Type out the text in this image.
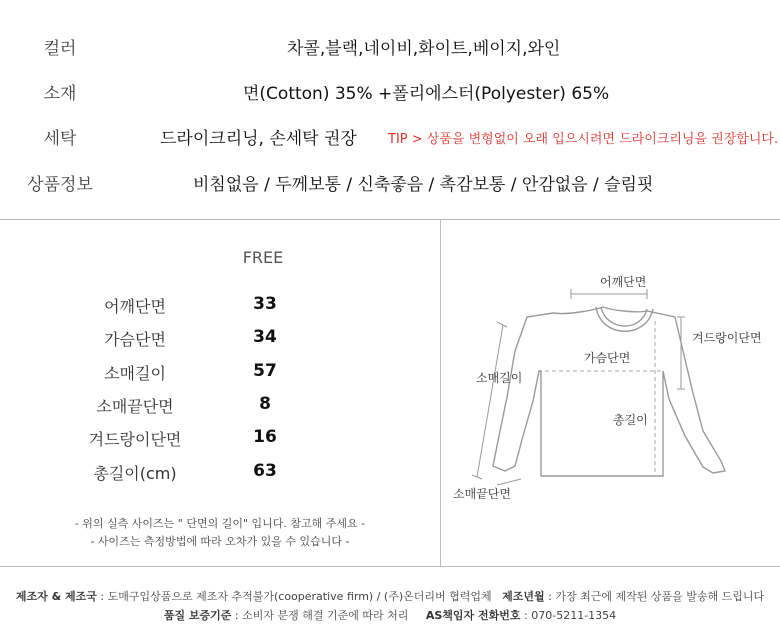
컬러	차콜,블랙,네이비,화이트,베이지,와인
소재	면(Cotton) 35% +폴리에스터(Polyester) 65%
세탁	드라이크리닝, 손세탁 권장 TIP > 상품을 변형없이 오래 입으시려면 드라이크리닝을 권장합니다.
상품정보	비침없음 / 두께보통 / 신축좋음 / 촉감보통 / 안감없음 / 슬림핏
FREE
어깨단면	33
가슴단면	34
소매길이	57
소매끝단면	8
겨드랑이단면	16
총길이(cm)	63
- 위의 실측 사이즈는 " 단면의 길이" 입니다. 참고해 주세요 -
- 사이즈는 측정방법에 따라 오차가 있을 수 있습니다 -
어깨단면
겨드랑이단면
가슴단면
소매길이
총길이
소매끝단면
제조자 & 제조국 : 도매구입상품으로 제조자 추적불가(cooperative firm) / (주)온더리버 협력업체 제조년월 : 가장 최근에 제작된 상품을 발송해 드립니다
품질 보증기준 : 소비자 분쟁 해결 기준에 따라 처리 AS책임자 전화번호 : 070-5211-1354
